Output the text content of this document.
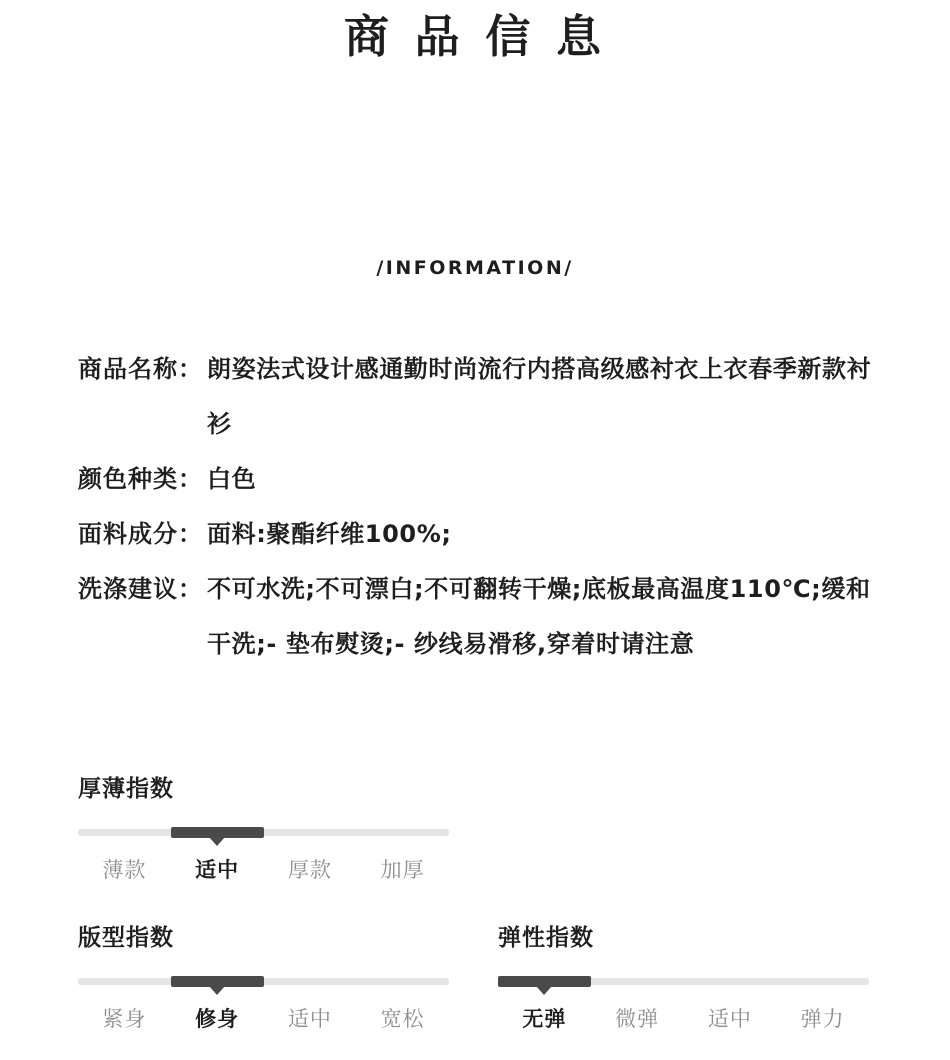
商 品 信 息
/INFORMATION/
商品名称： 朗姿法式设计感通勤时尚流行内搭高级感衬衣上衣春季新款衬衫
颜色种类： 白色
面料成分： 面料:聚酯纤维100%;
洗涤建议： 不可水洗;不可漂白;不可翻转干燥;底板最高温度110℃;缓和干洗;- 垫布熨烫;- 纱线易滑移,穿着时请注意
厚薄指数
薄款	适中	厚款	加厚
版型指数
紧身	修身	适中	宽松
弹性指数
无弹	微弹	适中	弹力
